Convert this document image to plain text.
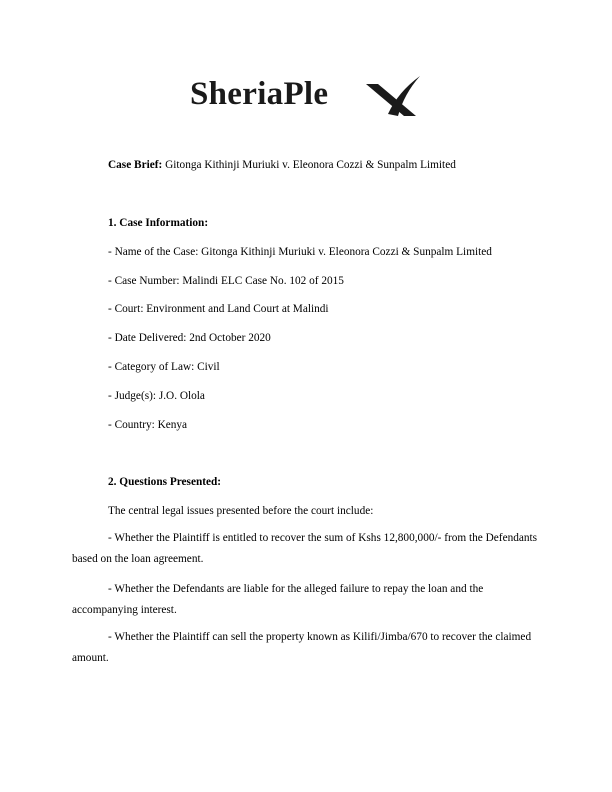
SheriaPle
Case Brief: Gitonga Kithinji Muriuki v. Eleonora Cozzi & Sunpalm Limited
1. Case Information:
- Name of the Case: Gitonga Kithinji Muriuki v. Eleonora Cozzi & Sunpalm Limited
- Case Number: Malindi ELC Case No. 102 of 2015
- Court: Environment and Land Court at Malindi
- Date Delivered: 2nd October 2020
- Category of Law: Civil
- Judge(s): J.O. Olola
- Country: Kenya
2. Questions Presented:
The central legal issues presented before the court include:
- Whether the Plaintiff is entitled to recover the sum of Kshs 12,800,000/- from the Defendants based on the loan agreement.
- Whether the Defendants are liable for the alleged failure to repay the loan and the accompanying interest.
- Whether the Plaintiff can sell the property known as Kilifi/Jimba/670 to recover the claimed amount.
